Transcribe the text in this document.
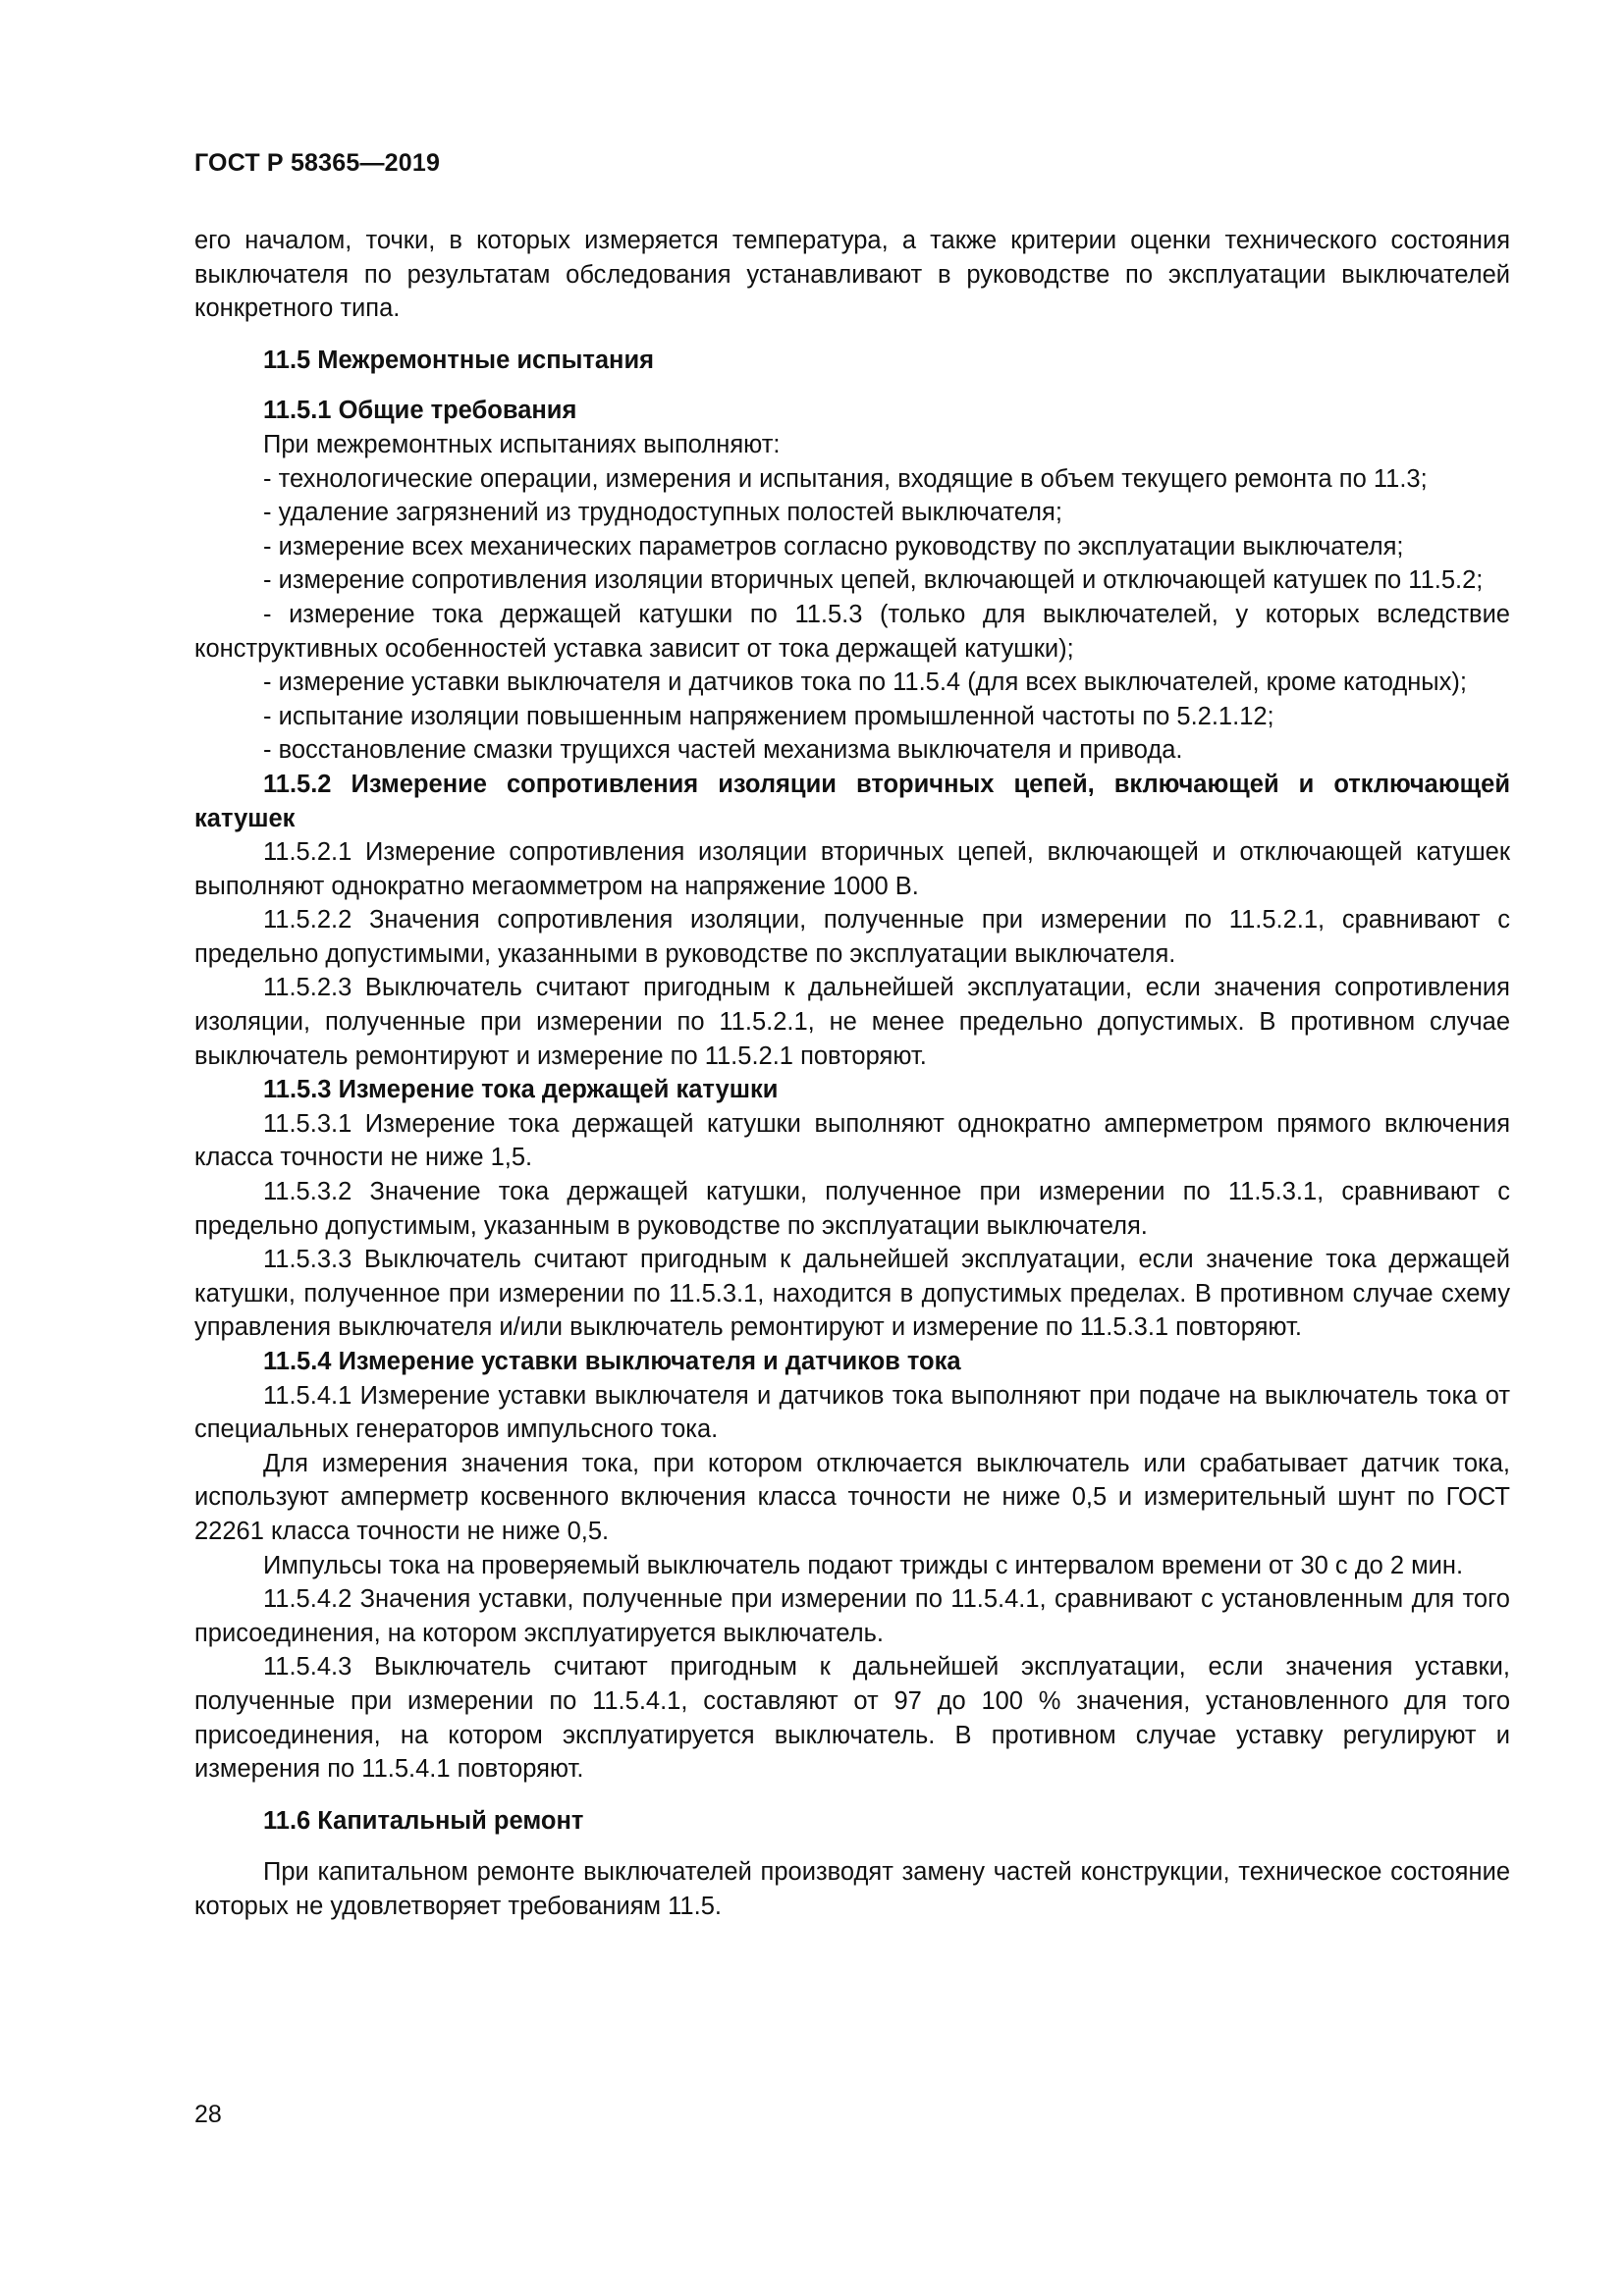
ГОСТ Р 58365—2019

его началом, точки, в которых измеряется температура, а также критерии оценки технического состояния выключателя по результатам обследования устанавливают в руководстве по эксплуатации выключателей конкретного типа.

11.5 Межремонтные испытания
11.5.1 Общие требования

При межремонтных испытаниях выполняют:

- технологические операции, измерения и испытания, входящие в объем текущего ремонта по 11.3;

- удаление загрязнений из труднодоступных полостей выключателя;

- измерение всех механических параметров согласно руководству по эксплуатации выключателя;

- измерение сопротивления изоляции вторичных цепей, включающей и отключающей катушек по 11.5.2;

- измерение тока держащей катушки по 11.5.3 (только для выключателей, у которых вследствие конструктивных особенностей уставка зависит от тока держащей катушки);

- измерение уставки выключателя и датчиков тока по 11.5.4 (для всех выключателей, кроме катодных);

- испытание изоляции повышенным напряжением промышленной частоты по 5.2.1.12;

- восстановление смазки трущихся частей механизма выключателя и привода.

11.5.2 Измерение сопротивления изоляции вторичных цепей, включающей и отключающей катушек

11.5.2.1 Измерение сопротивления изоляции вторичных цепей, включающей и отключающей катушек выполняют однократно мегаомметром на напряжение 1000 В.

11.5.2.2 Значения сопротивления изоляции, полученные при измерении по 11.5.2.1, сравнивают с предельно допустимыми, указанными в руководстве по эксплуатации выключателя.

11.5.2.3 Выключатель считают пригодным к дальнейшей эксплуатации, если значения сопротивления изоляции, полученные при измерении по 11.5.2.1, не менее предельно допустимых. В противном случае выключатель ремонтируют и измерение по 11.5.2.1 повторяют.

11.5.3 Измерение тока держащей катушки

11.5.3.1 Измерение тока держащей катушки выполняют однократно амперметром прямого включения класса точности не ниже 1,5.

11.5.3.2 Значение тока держащей катушки, полученное при измерении по 11.5.3.1, сравнивают с предельно допустимым, указанным в руководстве по эксплуатации выключателя.

11.5.3.3 Выключатель считают пригодным к дальнейшей эксплуатации, если значение тока держащей катушки, полученное при измерении по 11.5.3.1, находится в допустимых пределах. В противном случае схему управления выключателя и/или выключатель ремонтируют и измерение по 11.5.3.1 повторяют.

11.5.4 Измерение уставки выключателя и датчиков тока

11.5.4.1 Измерение уставки выключателя и датчиков тока выполняют при подаче на выключатель тока от специальных генераторов импульсного тока.

Для измерения значения тока, при котором отключается выключатель или срабатывает датчик тока, используют амперметр косвенного включения класса точности не ниже 0,5 и измерительный шунт по ГОСТ 22261 класса точности не ниже 0,5.

Импульсы тока на проверяемый выключатель подают трижды с интервалом времени от 30 с до 2 мин.

11.5.4.2 Значения уставки, полученные при измерении по 11.5.4.1, сравнивают с установленным для того присоединения, на котором эксплуатируется выключатель.

11.5.4.3 Выключатель считают пригодным к дальнейшей эксплуатации, если значения уставки, полученные при измерении по 11.5.4.1, составляют от 97 до 100 % значения, установленного для того присоединения, на котором эксплуатируется выключатель. В противном случае уставку регулируют и измерения по 11.5.4.1 повторяют.

11.6 Капитальный ремонт

При капитальном ремонте выключателей производят замену частей конструкции, техническое состояние которых не удовлетворяет требованиям 11.5.

28
